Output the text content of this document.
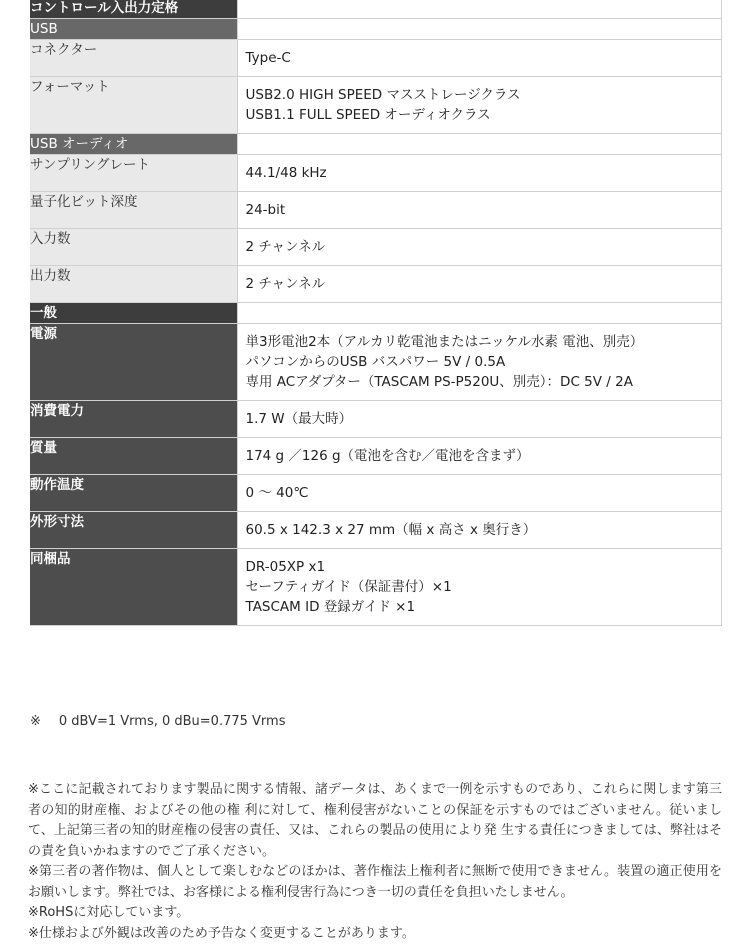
コントロール入出力定格	
USB	
コネクター	Type-C

フォーマット	USB2.0 HIGH SPEED マスストレージクラス
USB1.1 FULL SPEED オーディオクラス

USB オーディオ	
サンプリングレート	44.1/48 kHz

量子化ビット深度	24-bit

入力数	2 チャンネル

出力数	2 チャンネル

一般	
電源	単3形電池2本（アルカリ乾電池またはニッケル水素 電池、別売）
パソコンからのUSB バスパワー 5V / 0.5A
専用 ACアダプター（TASCAM PS-P520U、別売）：DC 5V / 2A

消費電力	1.7 W（最大時）

質量	174 g ／126 g（電池を含む／電池を含まず）

動作温度	0 ～ 40℃

外形寸法	60.5 x 142.3 x 27 mm（幅 x 高さ x 奥行き）

同梱品	DR-05XP x1
セーフティガイド（保証書付）×1
TASCAM ID 登録ガイド ×1
※ 0 dBV=1 Vrms, 0 dBu=0.775 Vrms

※ここに記載されております製品に関する情報、諸データは、あくまで一例を示すものであり、これらに関します第三者の知的財産権、およびその他の権 利に対して、権利侵害がないことの保証を示すものではございません。従いまして、上記第三者の知的財産権の侵害の責任、又は、これらの製品の使用により発 生する責任につきましては、弊社はその責を負いかねますのでご了承ください。

※第三者の著作物は、個人として楽しむなどのほかは、著作権法上権利者に無断で使用できません。装置の適正使用をお願いします。弊社では、お客様による権利侵害行為につき一切の責任を負担いたしません。

※RoHSに対応しています。

※仕様および外観は改善のため予告なく変更することがあります。
